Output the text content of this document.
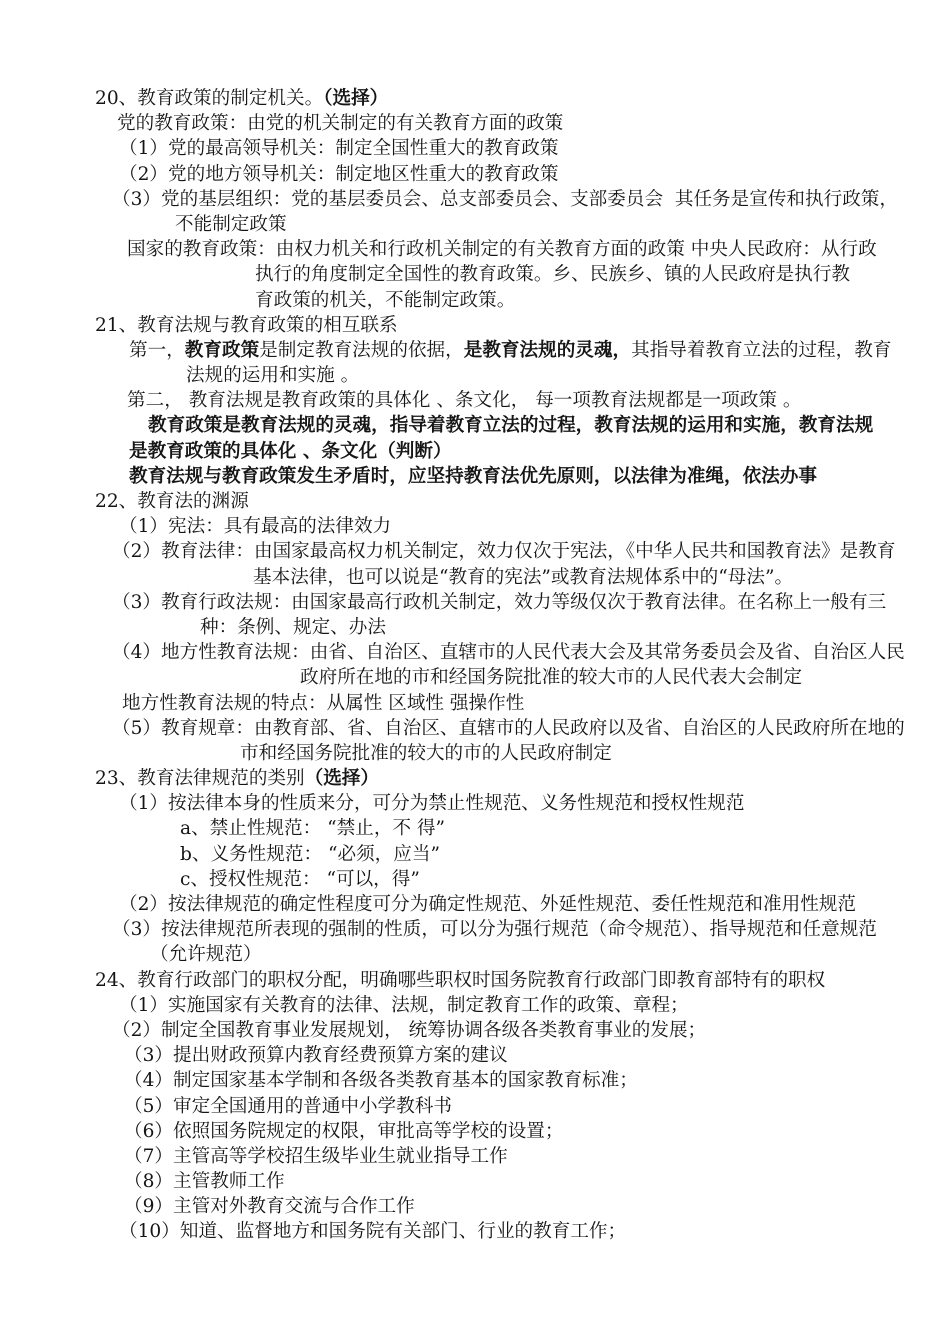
20、教育政策的制定机关。（选择）
党的教育政策：由党的机关制定的有关教育方面的政策
（1）党的最高领导机关：制定全国性重大的教育政策
（2）党的地方领导机关：制定地区性重大的教育政策
（3）党的基层组织：党的基层委员会、总支部委员会、支部委员会  其任务是宣传和执行政策，
不能制定政策
国家的教育政策：由权力机关和行政机关制定的有关教育方面的政策 中央人民政府：从行政
执行的角度制定全国性的教育政策。乡、民族乡、镇的人民政府是执行教
育政策的机关，不能制定政策。
21、教育法规与教育政策的相互联系
第一，教育政策是制定教育法规的依据，是教育法规的灵魂，其指导着教育立法的过程，教育
法规的运用和实施 。
第二， 教育法规是教育政策的具体化 、条文化， 每一项教育法规都是一项政策 。
教育政策是教育法规的灵魂，指导着教育立法的过程，教育法规的运用和实施，教育法规
是教育政策的具体化 、条文化（判断）
教育法规与教育政策发生矛盾时，应坚持教育法优先原则，以法律为准绳，依法办事
22、教育法的渊源
（1）宪法：具有最高的法律效力
（2）教育法律：由国家最高权力机关制定，效力仅次于宪法，《中华人民共和国教育法》是教育
基本法律，也可以说是“教育的宪法”或教育法规体系中的“母法”。
（3）教育行政法规：由国家最高行政机关制定，效力等级仅次于教育法律。在名称上一般有三
种：条例、规定、办法
（4）地方性教育法规：由省、自治区、直辖市的人民代表大会及其常务委员会及省、自治区人民
政府所在地的市和经国务院批准的较大市的人民代表大会制定
地方性教育法规的特点：从属性 区域性 强操作性
（5）教育规章：由教育部、省、自治区、直辖市的人民政府以及省、自治区的人民政府所在地的
市和经国务院批准的较大的市的人民政府制定
23、教育法律规范的类别（选择）
（1）按法律本身的性质来分，可分为禁止性规范、义务性规范和授权性规范
a、禁止性规范： “禁止，不 得”
b、义务性规范： “必须，应当”
c、授权性规范： “可以，得”
（2）按法律规范的确定性程度可分为确定性规范、外延性规范、委任性规范和准用性规范
（3）按法律规范所表现的强制的性质，可以分为强行规范（命令规范）、指导规范和任意规范
（允许规范）
24、教育行政部门的职权分配，明确哪些职权时国务院教育行政部门即教育部特有的职权
（1）实施国家有关教育的法律、法规，制定教育工作的政策、章程；
（2）制定全国教育事业发展规划， 统筹协调各级各类教育事业的发展；
（3）提出财政预算内教育经费预算方案的建议
（4）制定国家基本学制和各级各类教育基本的国家教育标准；
（5）审定全国通用的普通中小学教科书
（6）依照国务院规定的权限，审批高等学校的设置；
（7）主管高等学校招生级毕业生就业指导工作
（8）主管教师工作
（9）主管对外教育交流与合作工作
（10）知道、监督地方和国务院有关部门、行业的教育工作；
